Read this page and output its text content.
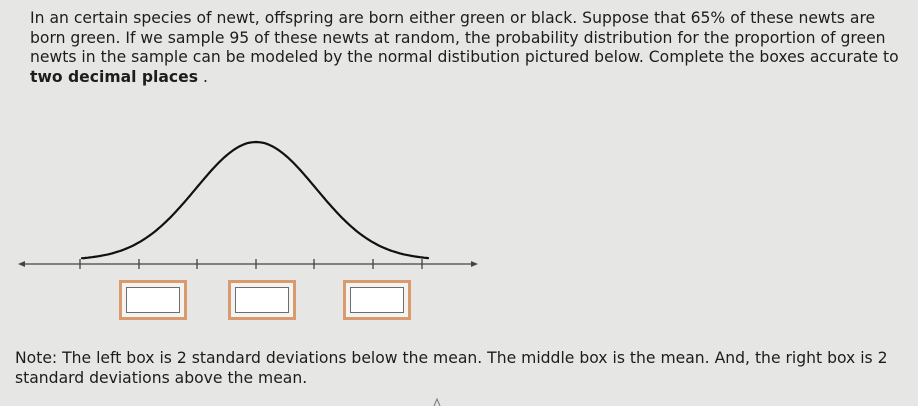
In an certain species of newt, offspring are born either green or black. Suppose that 65% of these newts are born green. If we sample 95 of these newts at random, the probability distribution for the proportion of green newts in the sample can be modeled by the normal distibution pictured below. Complete the boxes accurate to two decimal places .

Note: The left box is 2 standard deviations below the mean. The middle box is the mean. And, the right box is 2 standard deviations above the mean.
